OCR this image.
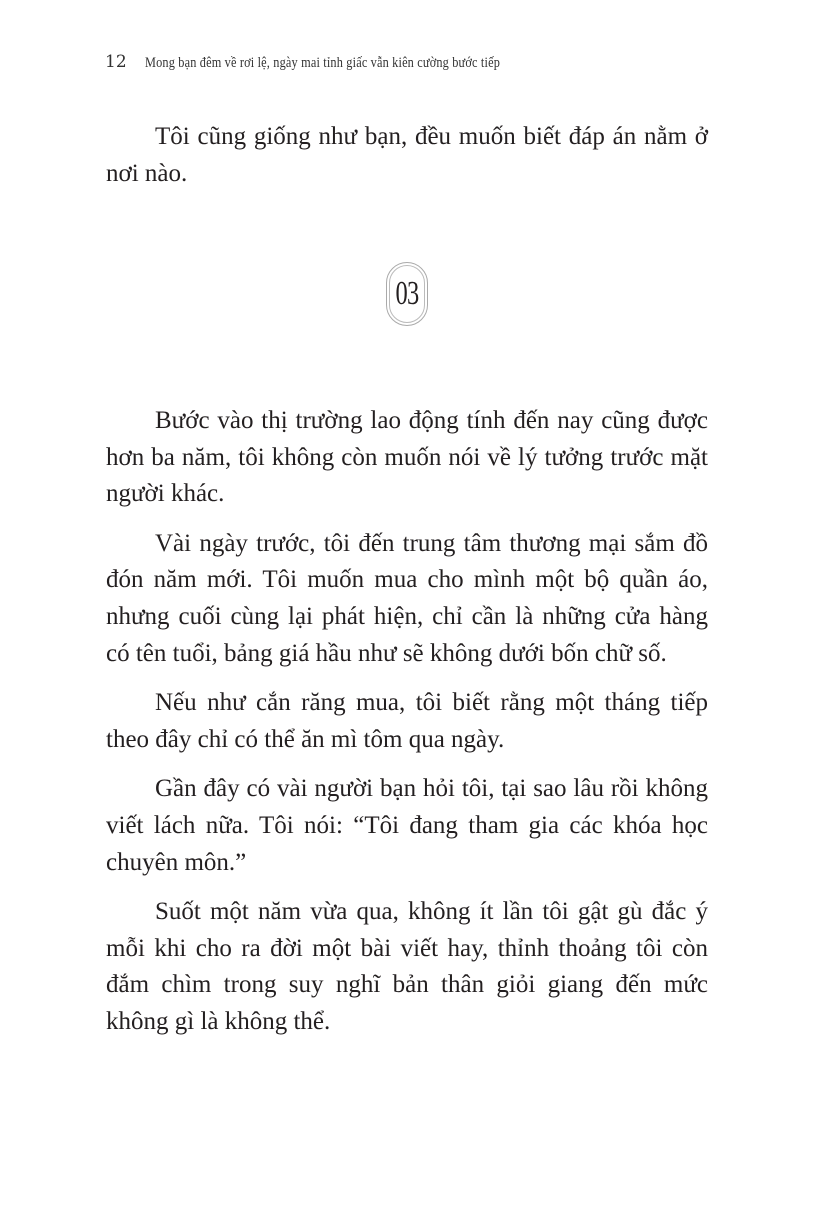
12	Mong bạn đêm về rơi lệ, ngày mai tỉnh giấc vẫn kiên cường bước tiếp

Tôi cũng giống như bạn, đều muốn biết đáp án nằm ở nơi nào.

03

Bước vào thị trường lao động tính đến nay cũng được hơn ba năm, tôi không còn muốn nói về lý tưởng trước mặt người khác.

Vài ngày trước, tôi đến trung tâm thương mại sắm đồ đón năm mới. Tôi muốn mua cho mình một bộ quần áo, nhưng cuối cùng lại phát hiện, chỉ cần là những cửa hàng có tên tuổi, bảng giá hầu như sẽ không dưới bốn chữ số.

Nếu như cắn răng mua, tôi biết rằng một tháng tiếp theo đây chỉ có thể ăn mì tôm qua ngày.

Gần đây có vài người bạn hỏi tôi, tại sao lâu rồi không viết lách nữa. Tôi nói: “Tôi đang tham gia các khóa học chuyên môn.”

Suốt một năm vừa qua, không ít lần tôi gật gù đắc ý mỗi khi cho ra đời một bài viết hay, thỉnh thoảng tôi còn đắm chìm trong suy nghĩ bản thân giỏi giang đến mức không gì là không thể.
